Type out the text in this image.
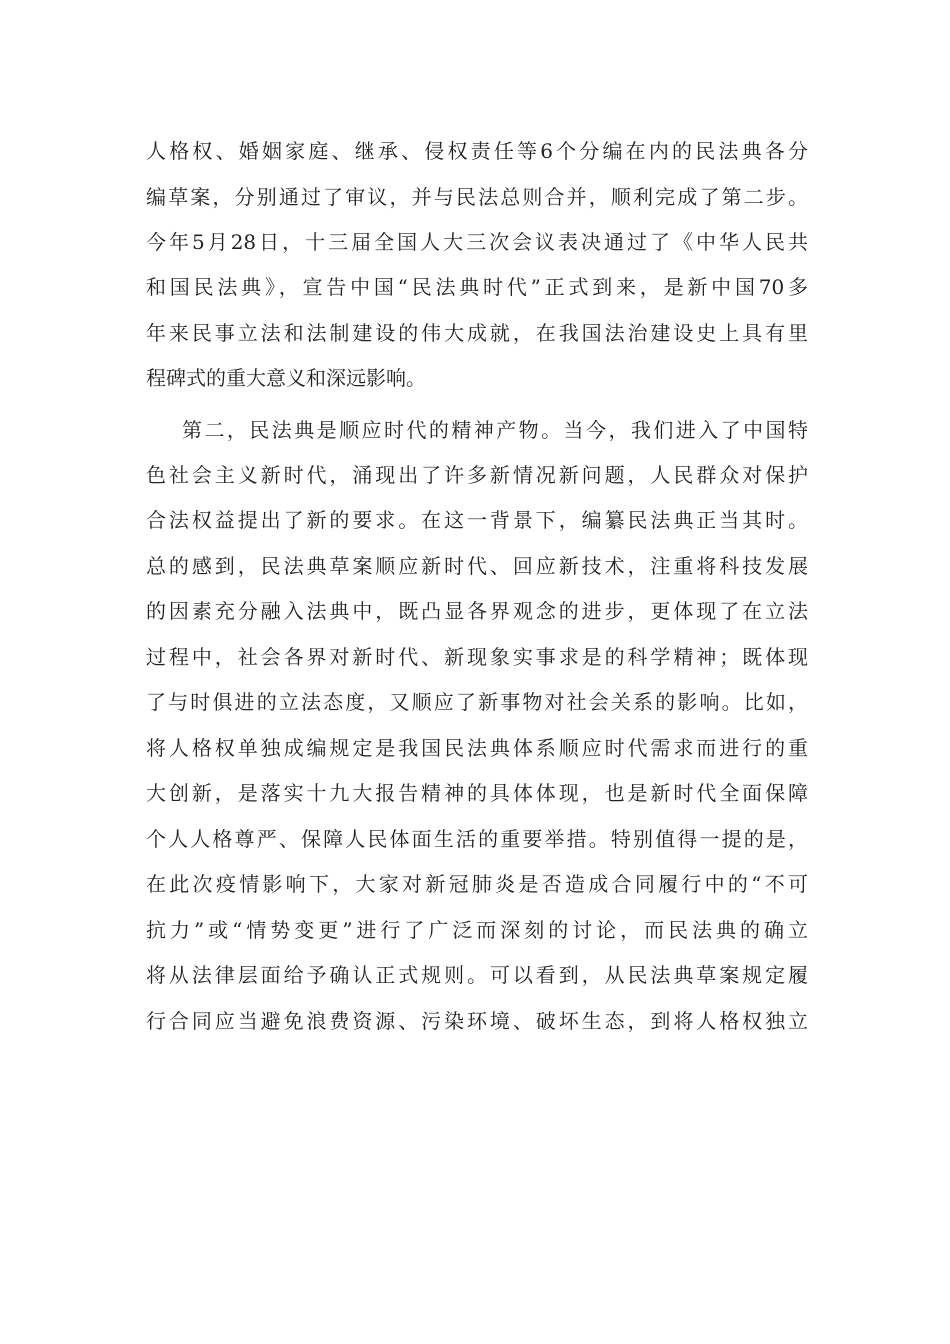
人格权、婚姻家庭、继承、侵权责任等6个分编在内的民法典各分
编草案，分别通过了审议，并与民法总则合并，顺利完成了第二步。
今年5月28日，十三届全国人大三次会议表决通过了《中华人民共
和国民法典》，宣告中国“民法典时代”正式到来，是新中国70多
年来民事立法和法制建设的伟大成就，在我国法治建设史上具有里
程碑式的重大意义和深远影响。
第二，民法典是顺应时代的精神产物。当今，我们进入了中国特
色社会主义新时代，涌现出了许多新情况新问题，人民群众对保护
合法权益提出了新的要求。在这一背景下，编纂民法典正当其时。
总的感到，民法典草案顺应新时代、回应新技术，注重将科技发展
的因素充分融入法典中，既凸显各界观念的进步，更体现了在立法
过程中，社会各界对新时代、新现象实事求是的科学精神；既体现
了与时俱进的立法态度，又顺应了新事物对社会关系的影响。比如，
将人格权单独成编规定是我国民法典体系顺应时代需求而进行的重
大创新，是落实十九大报告精神的具体体现，也是新时代全面保障
个人人格尊严、保障人民体面生活的重要举措。特别值得一提的是，
在此次疫情影响下，大家对新冠肺炎是否造成合同履行中的“不可
抗力”或“情势变更”进行了广泛而深刻的讨论，而民法典的确立
将从法律层面给予确认正式规则。可以看到，从民法典草案规定履
行合同应当避免浪费资源、污染环境、破坏生态，到将人格权独立
